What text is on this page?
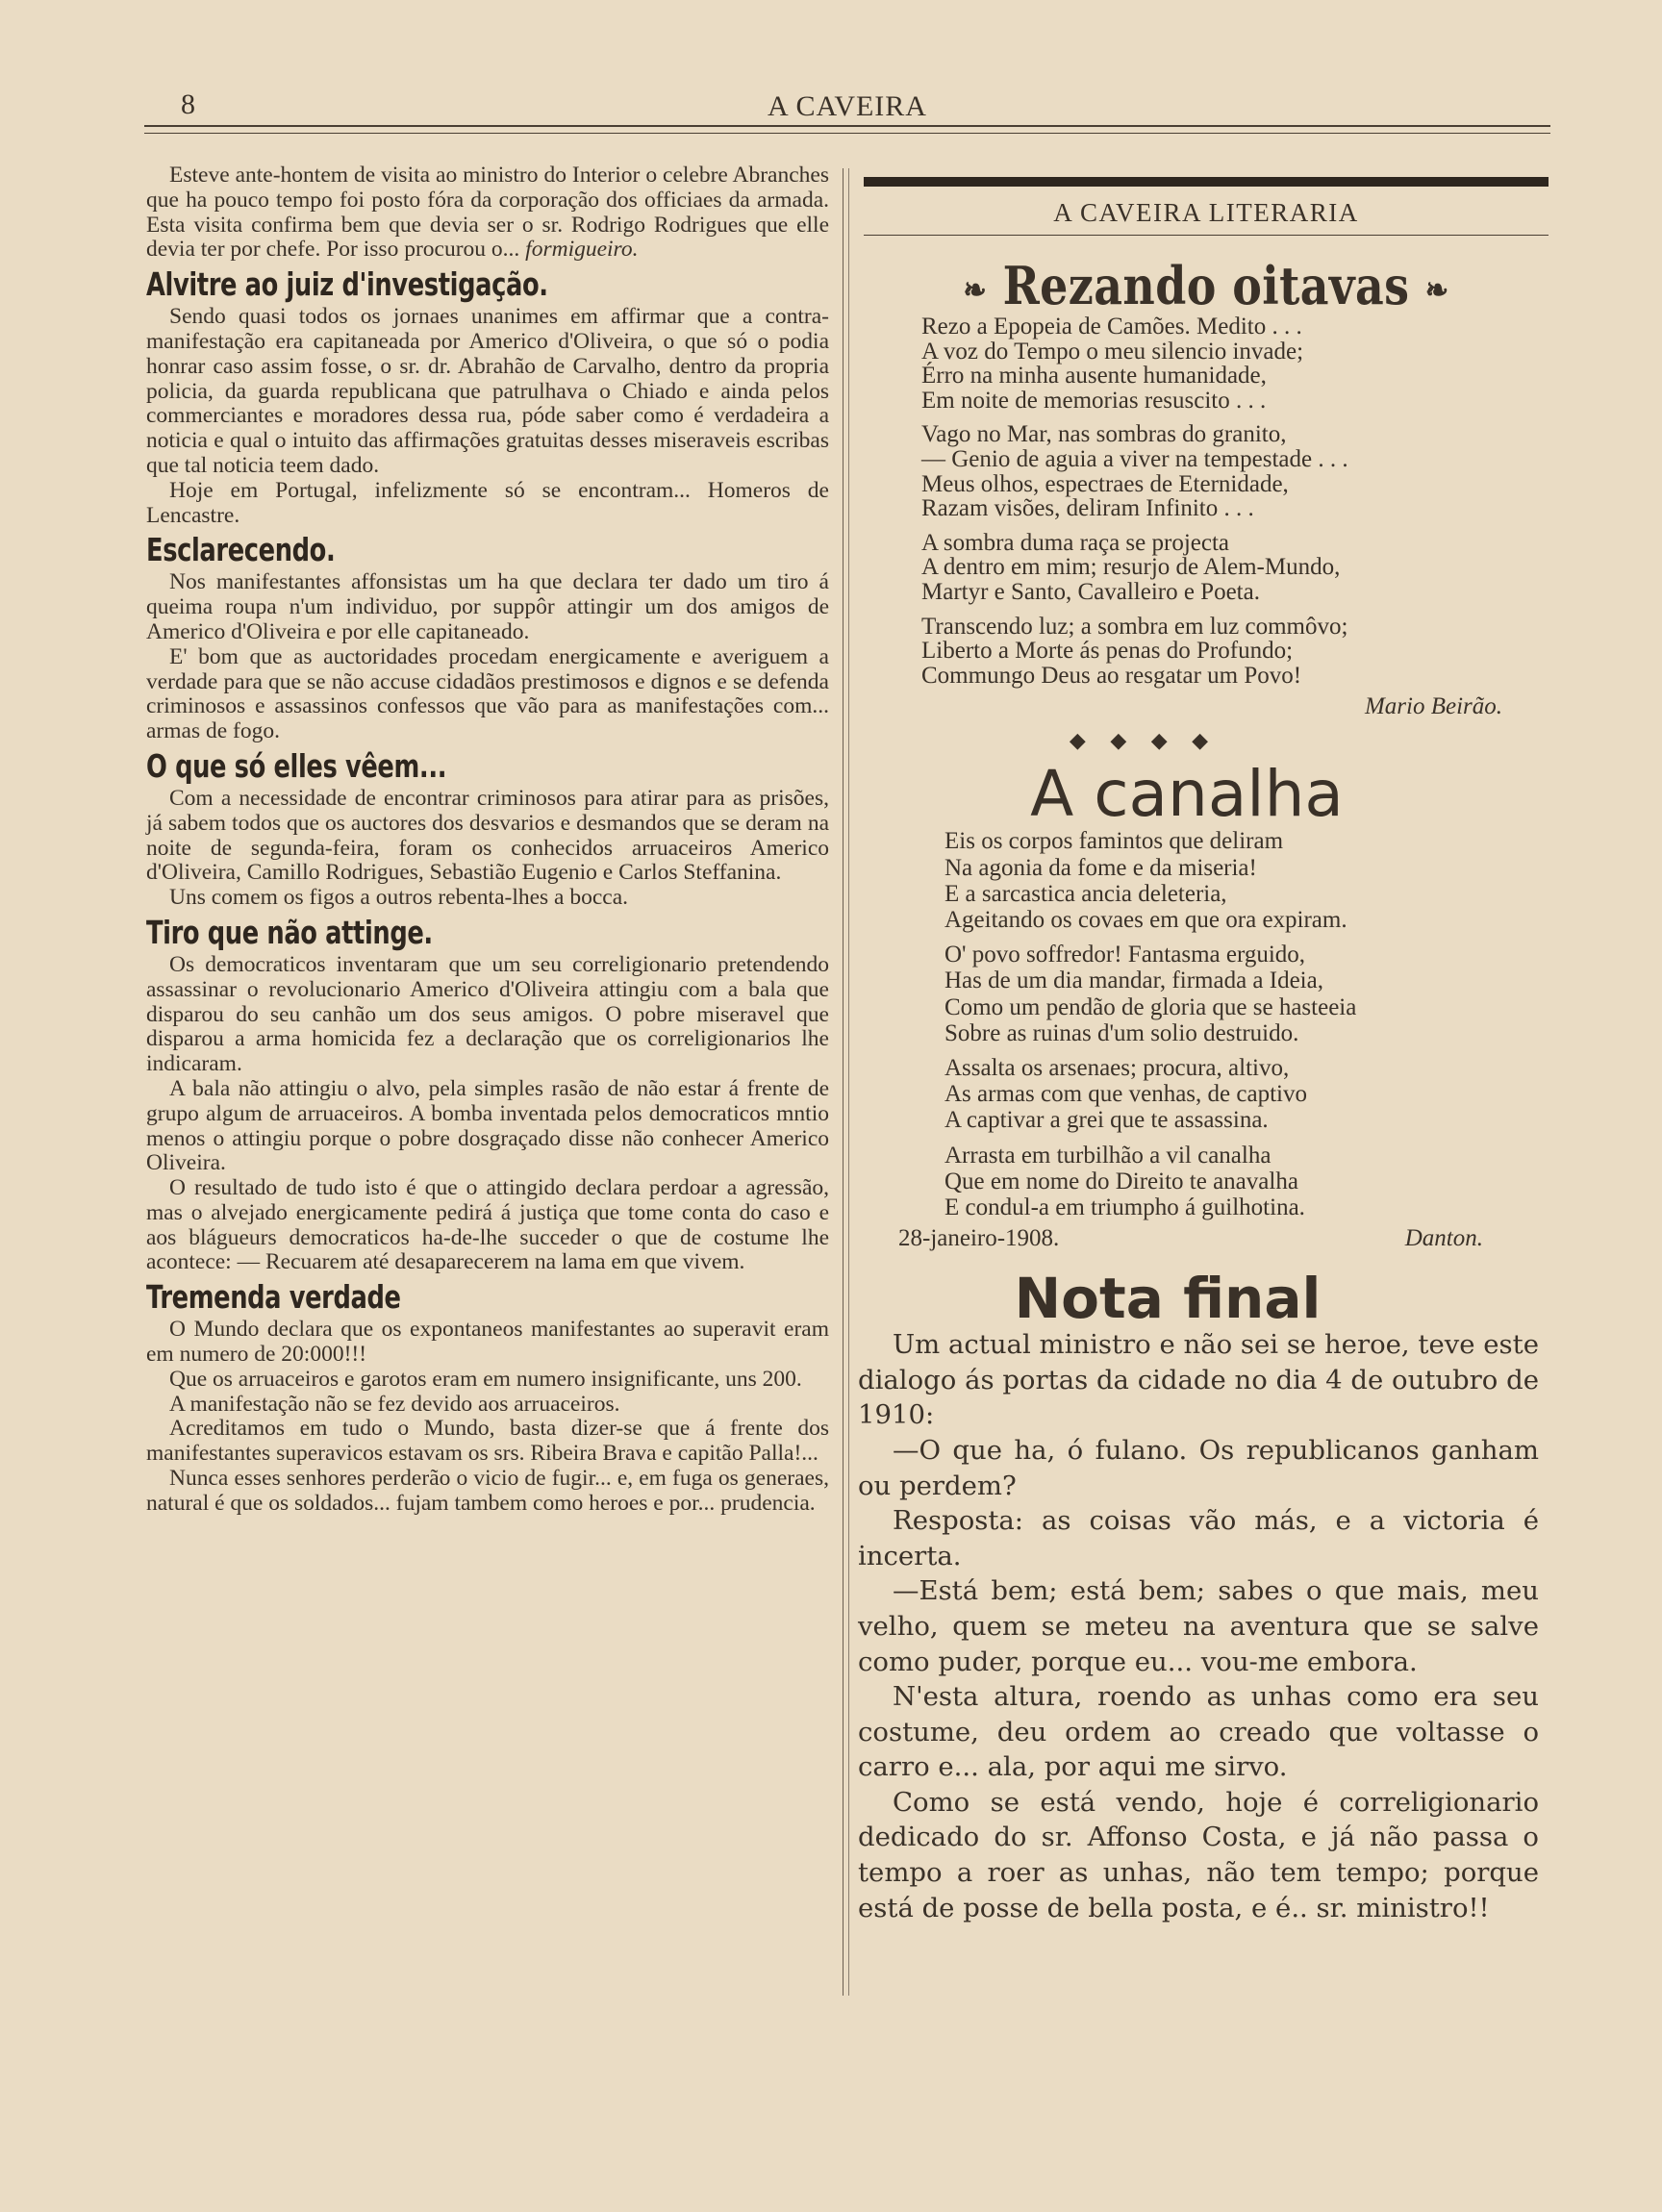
8	A CAVEIRA

Esteve ante-hontem de visita ao ministro do Interior o celebre Abranches que ha pouco tempo foi posto fóra da corporação dos officiaes da armada. Esta visita confirma bem que devia ser o sr. Rodrigo Rodrigues que elle devia ter por chefe. Por isso procurou o... formigueiro.

Alvitre ao juiz d'investigação.

Sendo quasi todos os jornaes unanimes em affirmar que a contra-manifestação era capitaneada por Americo d'Oliveira, o que só o podia honrar caso assim fosse, o sr. dr. Abrahão de Carvalho, dentro da propria policia, da guarda republicana que patrulhava o Chiado e ainda pelos commerciantes e moradores dessa rua, póde saber como é verdadeira a noticia e qual o intuito das affirmações gratuitas desses miseraveis escribas que tal noticia teem dado.

Hoje em Portugal, infelizmente só se encontram... Homeros de Lencastre.

Esclarecendo.

Nos manifestantes affonsistas um ha que declara ter dado um tiro á queima roupa n'um individuo, por suppôr attingir um dos amigos de Americo d'Oliveira e por elle capitaneado.

E' bom que as auctoridades procedam energicamente e averiguem a verdade para que se não accuse cidadãos prestimosos e dignos e se defenda criminosos e assassinos confessos que vão para as manifestações com... armas de fogo.

O que só elles vêem...

Com a necessidade de encontrar criminosos para atirar para as prisões, já sabem todos que os auctores dos desvarios e desmandos que se deram na noite de segunda-feira, foram os conhecidos arruaceiros Americo d'Oliveira, Camillo Rodrigues, Sebastião Eugenio e Carlos Steffanina.

Uns comem os figos a outros rebenta-lhes a bocca.

Tiro que não attinge.

Os democraticos inventaram que um seu correligionario pretendendo assassinar o revolucionario Americo d'Oliveira attingiu com a bala que disparou do seu canhão um dos seus amigos. O pobre miseravel que disparou a arma homicida fez a declaração que os correligionarios lhe indicaram.

A bala não attingiu o alvo, pela simples rasão de não estar á frente de grupo algum de arruaceiros. A bomba inventada pelos democraticos mntio menos o attingiu porque o pobre dosgraçado disse não conhecer Americo Oliveira.

O resultado de tudo isto é que o attingido declara perdoar a agressão, mas o alvejado energicamente pedirá á justiça que tome conta do caso e aos blágueurs democraticos ha-de-lhe succeder o que de costume lhe acontece: — Recuarem até desaparecerem na lama em que vivem.

Tremenda verdade

O Mundo declara que os expontaneos manifestantes ao superavit eram em numero de 20:000!!!

Que os arruaceiros e garotos eram em numero insignificante, uns 200.

A manifestação não se fez devido aos arruaceiros.

Acreditamos em tudo o Mundo, basta dizer-se que á frente dos manifestantes superavicos estavam os srs. Ribeira Brava e capitão Palla!...

Nunca esses senhores perderão o vicio de fugir... e, em fuga os generaes, natural é que os soldados... fujam tambem como heroes e por... prudencia.

A CAVEIRA LITERARIA
❧ Rezando oitavas ❧
Rezo a Epopeia de Camões. Medito . . .
A voz do Tempo o meu silencio invade;
Érro na minha ausente humanidade,
Em noite de memorias resuscito . . .
Vago no Mar, nas sombras do granito,
— Genio de aguia a viver na tempestade . . .
Meus olhos, espectraes de Eternidade,
Razam visões, deliram Infinito . . .
A sombra duma raça se projecta
A dentro em mim; resurjo de Alem-Mundo,
Martyr e Santo, Cavalleiro e Poeta.
Transcendo luz; a sombra em luz commôvo;
Liberto a Morte ás penas do Profundo;
Commungo Deus ao resgatar um Povo!
Mario Beirão.
◆ ◆ ◆ ◆
A canalha
Eis os corpos famintos que deliram
Na agonia da fome e da miseria!
E a sarcastica ancia deleteria,
Ageitando os covaes em que ora expiram.
O' povo soffredor! Fantasma erguido,
Has de um dia mandar, firmada a Ideia,
Como um pendão de gloria que se hasteeia
Sobre as ruinas d'um solio destruido.
Assalta os arsenaes; procura, altivo,
As armas com que venhas, de captivo
A captivar a grei que te assassina.
Arrasta em turbilhão a vil canalha
Que em nome do Direito te anavalha
E condul-a em triumpho á guilhotina.
28-janeiro-1908.	Danton.
Nota final

Um actual ministro e não sei se heroe, teve este dialogo ás portas da cidade no dia 4 de outubro de 1910:

—O que ha, ó fulano. Os republicanos ganham ou perdem?

Resposta: as coisas vão más, e a victoria é incerta.

—Está bem; está bem; sabes o que mais, meu velho, quem se meteu na aventura que se salve como puder, porque eu... vou-me embora.

N'esta altura, roendo as unhas como era seu costume, deu ordem ao creado que voltasse o carro e... ala, por aqui me sirvo.

Como se está vendo, hoje é correligionario dedicado do sr. Affonso Costa, e já não passa o tempo a roer as unhas, não tem tempo; porque está de posse de bella posta, e é.. sr. ministro!!
